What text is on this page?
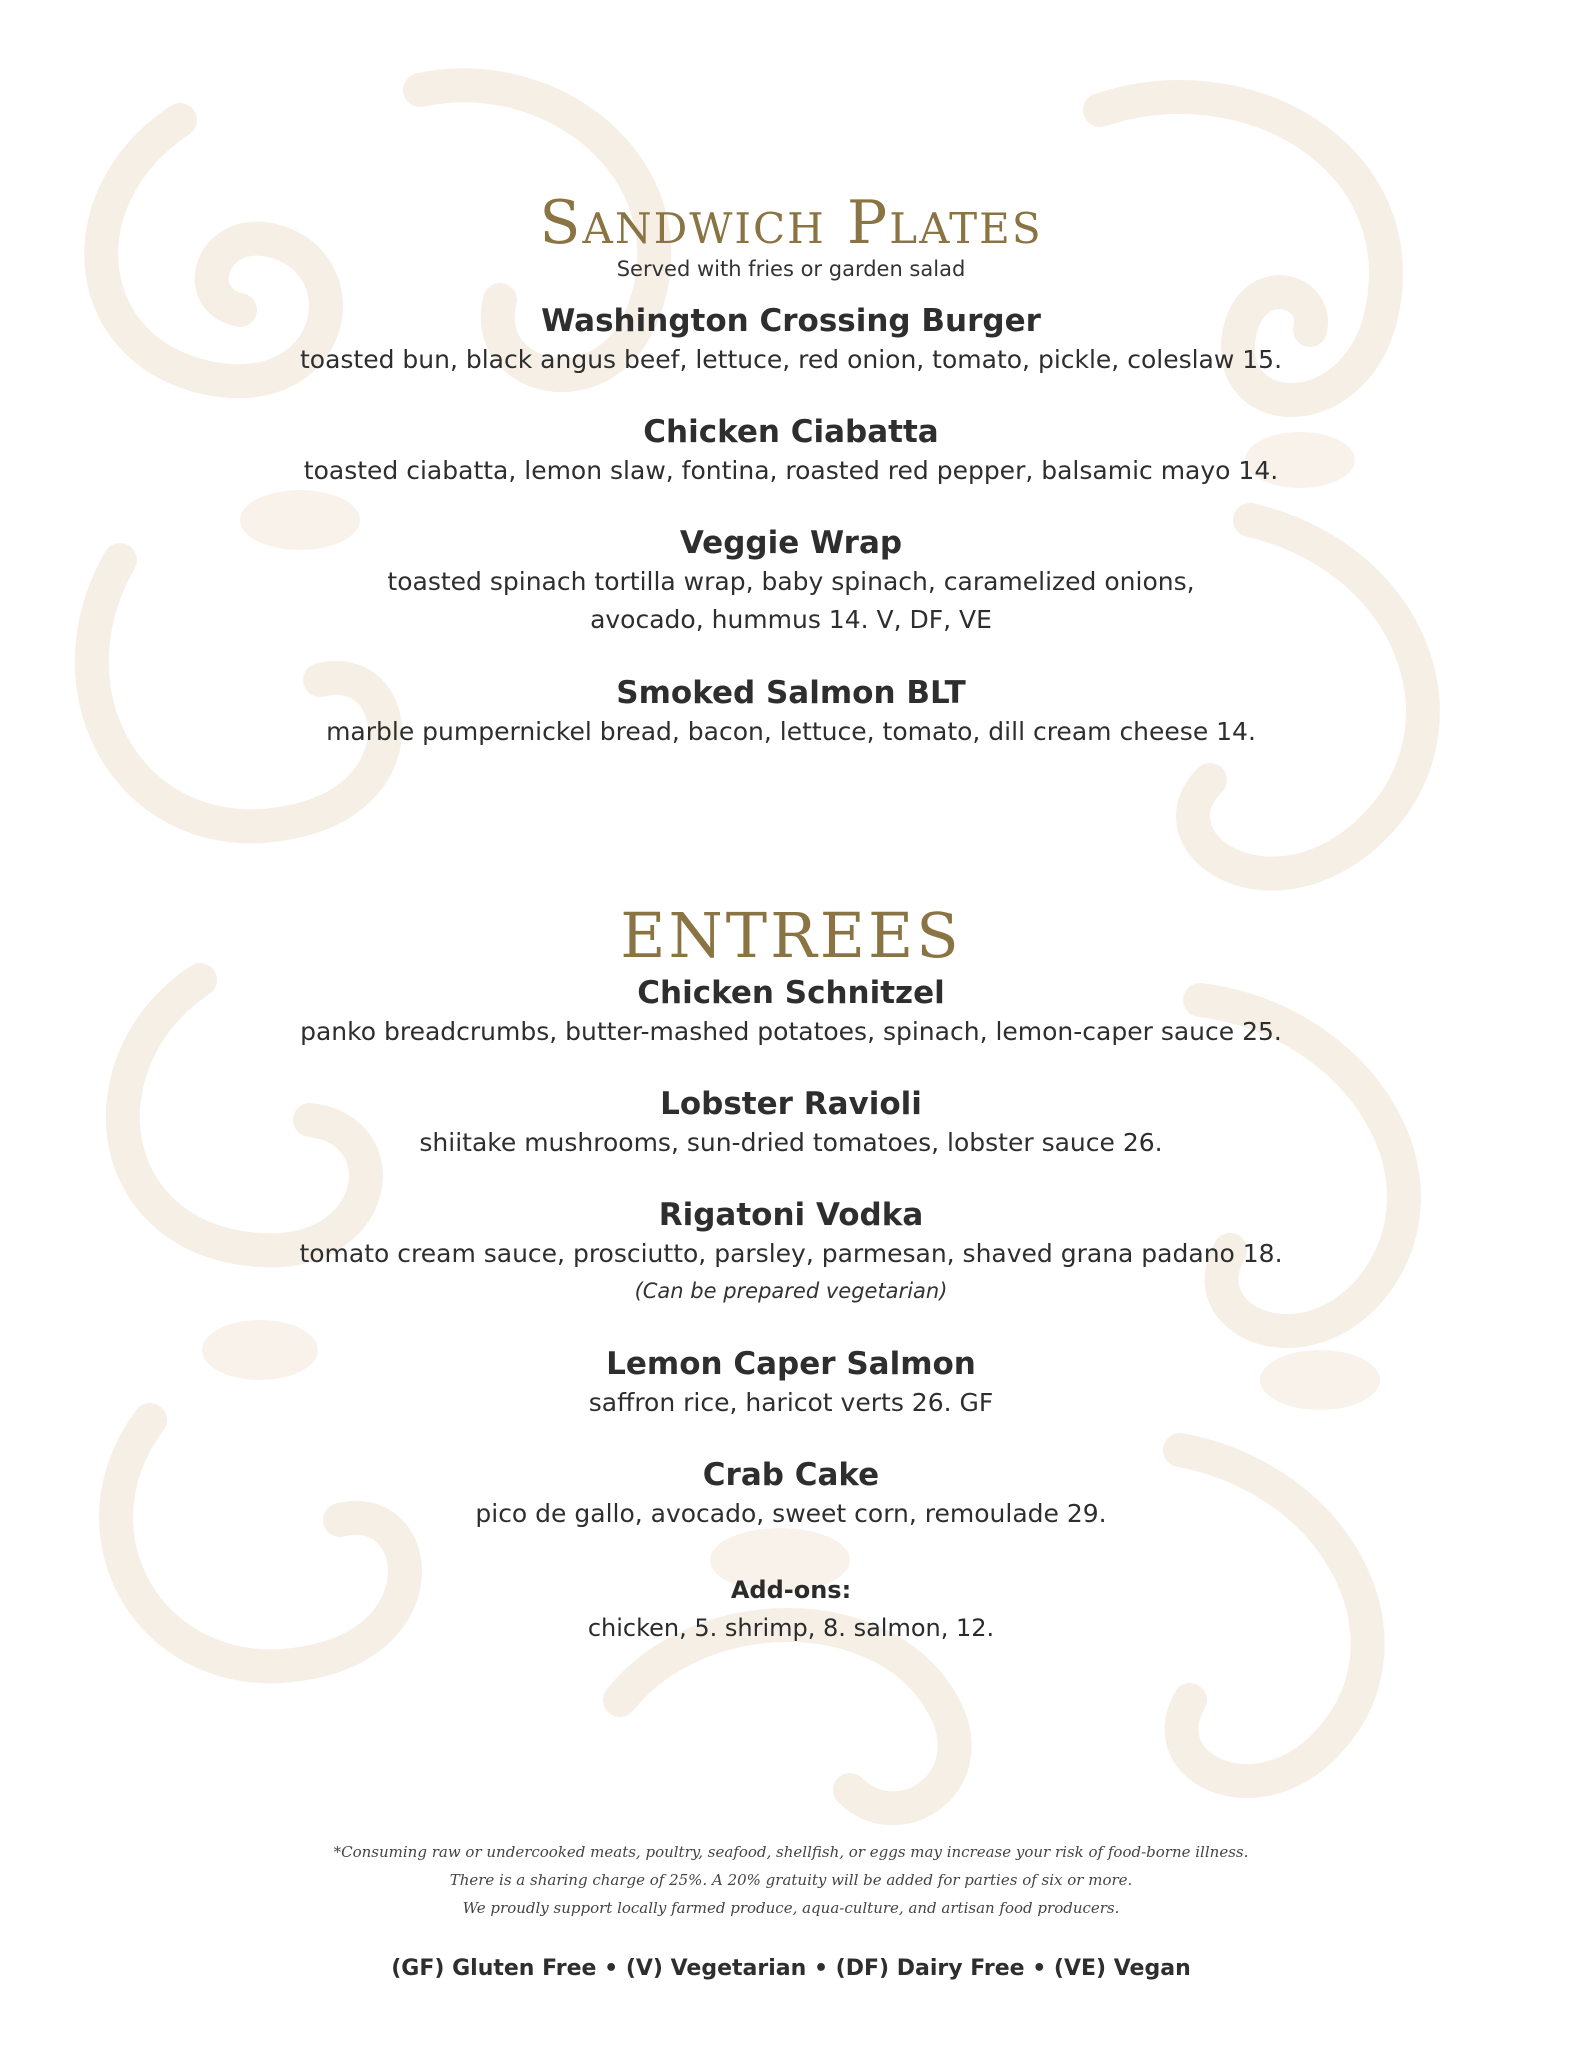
Sandwich Plates
Served with fries or garden salad
Washington Crossing Burger
toasted bun, black angus beef, lettuce, red onion, tomato, pickle, coleslaw 15.
Chicken Ciabatta
toasted ciabatta, lemon slaw, fontina, roasted red pepper, balsamic mayo 14.
Veggie Wrap
toasted spinach tortilla wrap, baby spinach, caramelized onions,
avocado, hummus 14. V, DF, VE
Smoked Salmon BLT
marble pumpernickel bread, bacon, lettuce, tomato, dill cream cheese 14.
ENTREES
Chicken Schnitzel
panko breadcrumbs, butter-mashed potatoes, spinach, lemon-caper sauce 25.
Lobster Ravioli
shiitake mushrooms, sun-dried tomatoes, lobster sauce 26.
Rigatoni Vodka
tomato cream sauce, prosciutto, parsley, parmesan, shaved grana padano 18.
(Can be prepared vegetarian)
Lemon Caper Salmon
saffron rice, haricot verts 26. GF
Crab Cake
pico de gallo, avocado, sweet corn, remoulade 29.
Add-ons:
chicken, 5. shrimp, 8. salmon, 12.
*Consuming raw or undercooked meats, poultry, seafood, shellfish, or eggs may increase your risk of food-borne illness.
There is a sharing charge of 25%. A 20% gratuity will be added for parties of six or more.
We proudly support locally farmed produce, aqua-culture, and artisan food producers.
(GF) Gluten Free • (V) Vegetarian • (DF) Dairy Free • (VE) Vegan
